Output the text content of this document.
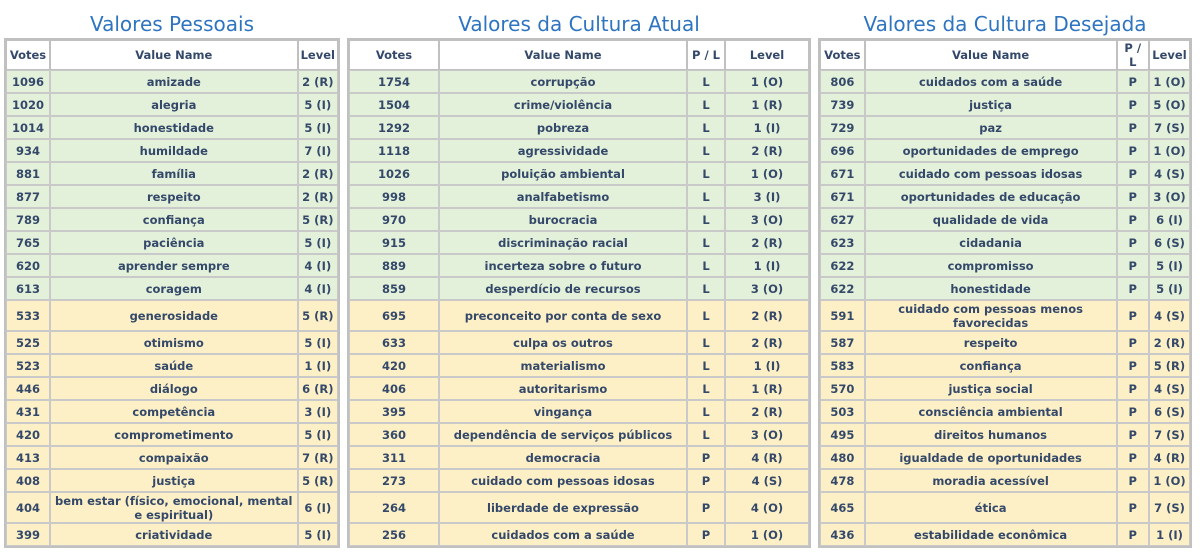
Valores Pessoais
Votes	Value Name	Level
1096	amizade	2 (R)
1020	alegria	5 (I)
1014	honestidade	5 (I)
934	humildade	7 (I)
881	família	2 (R)
877	respeito	2 (R)
789	confiança	5 (R)
765	paciência	5 (I)
620	aprender sempre	4 (I)
613	coragem	4 (I)
533	generosidade	5 (R)
525	otimismo	5 (I)
523	saúde	1 (I)
446	diálogo	6 (R)
431	competência	3 (I)
420	comprometimento	5 (I)
413	compaixão	7 (R)
408	justiça	5 (R)
404	bem estar (físico, emocional, mental e espiritual)	6 (I)
399	criatividade	5 (I)
Valores da Cultura Atual
Votes	Value Name	P / L	Level
1754	corrupção	L	1 (O)
1504	crime/violência	L	1 (R)
1292	pobreza	L	1 (I)
1118	agressividade	L	2 (R)
1026	poluição ambiental	L	1 (O)
998	analfabetismo	L	3 (I)
970	burocracia	L	3 (O)
915	discriminação racial	L	2 (R)
889	incerteza sobre o futuro	L	1 (I)
859	desperdício de recursos	L	3 (O)
695	preconceito por conta de sexo	L	2 (R)
633	culpa os outros	L	2 (R)
420	materialismo	L	1 (I)
406	autoritarismo	L	1 (R)
395	vingança	L	2 (R)
360	dependência de serviços públicos	L	3 (O)
311	democracia	P	4 (R)
273	cuidado com pessoas idosas	P	4 (S)
264	liberdade de expressão	P	4 (O)
256	cuidados com a saúde	P	1 (O)
Valores da Cultura Desejada
Votes	Value Name	P / L	Level
806	cuidados com a saúde	P	1 (O)
739	justiça	P	5 (O)
729	paz	P	7 (S)
696	oportunidades de emprego	P	1 (O)
671	cuidado com pessoas idosas	P	4 (S)
671	oportunidades de educação	P	3 (O)
627	qualidade de vida	P	6 (I)
623	cidadania	P	6 (S)
622	compromisso	P	5 (I)
622	honestidade	P	5 (I)
591	cuidado com pessoas menos favorecidas	P	4 (S)
587	respeito	P	2 (R)
583	confiança	P	5 (R)
570	justiça social	P	4 (S)
503	consciência ambiental	P	6 (S)
495	direitos humanos	P	7 (S)
480	igualdade de oportunidades	P	4 (R)
478	moradia acessível	P	1 (O)
465	ética	P	7 (S)
436	estabilidade econômica	P	1 (I)
